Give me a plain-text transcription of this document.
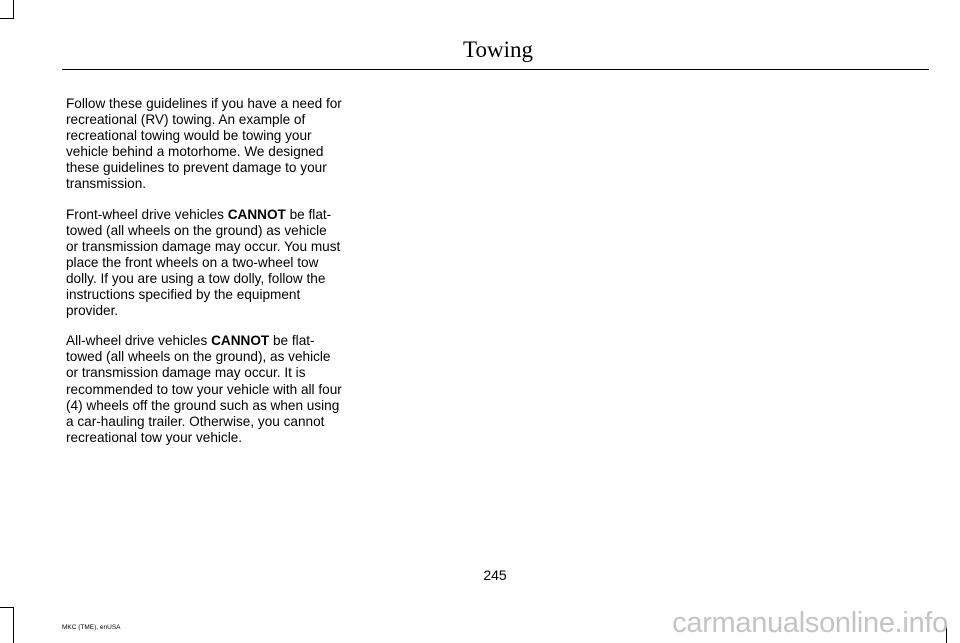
Towing

Follow these guidelines if you have a need for recreational (RV) towing. An example of recreational towing would be towing your vehicle behind a motorhome. We designed these guidelines to prevent damage to your transmission.

Front-wheel drive vehicles CANNOT be flat-towed (all wheels on the ground) as vehicle or transmission damage may occur. You must place the front wheels on a two-wheel tow dolly. If you are using a tow dolly, follow the instructions specified by the equipment provider.

All-wheel drive vehicles CANNOT be flat-towed (all wheels on the ground), as vehicle or transmission damage may occur. It is recommended to tow your vehicle with all four (4) wheels off the ground such as when using a car-hauling trailer. Otherwise, you cannot recreational tow your vehicle.

245
MKC (TME), enUSA	carmanualsonline.info
